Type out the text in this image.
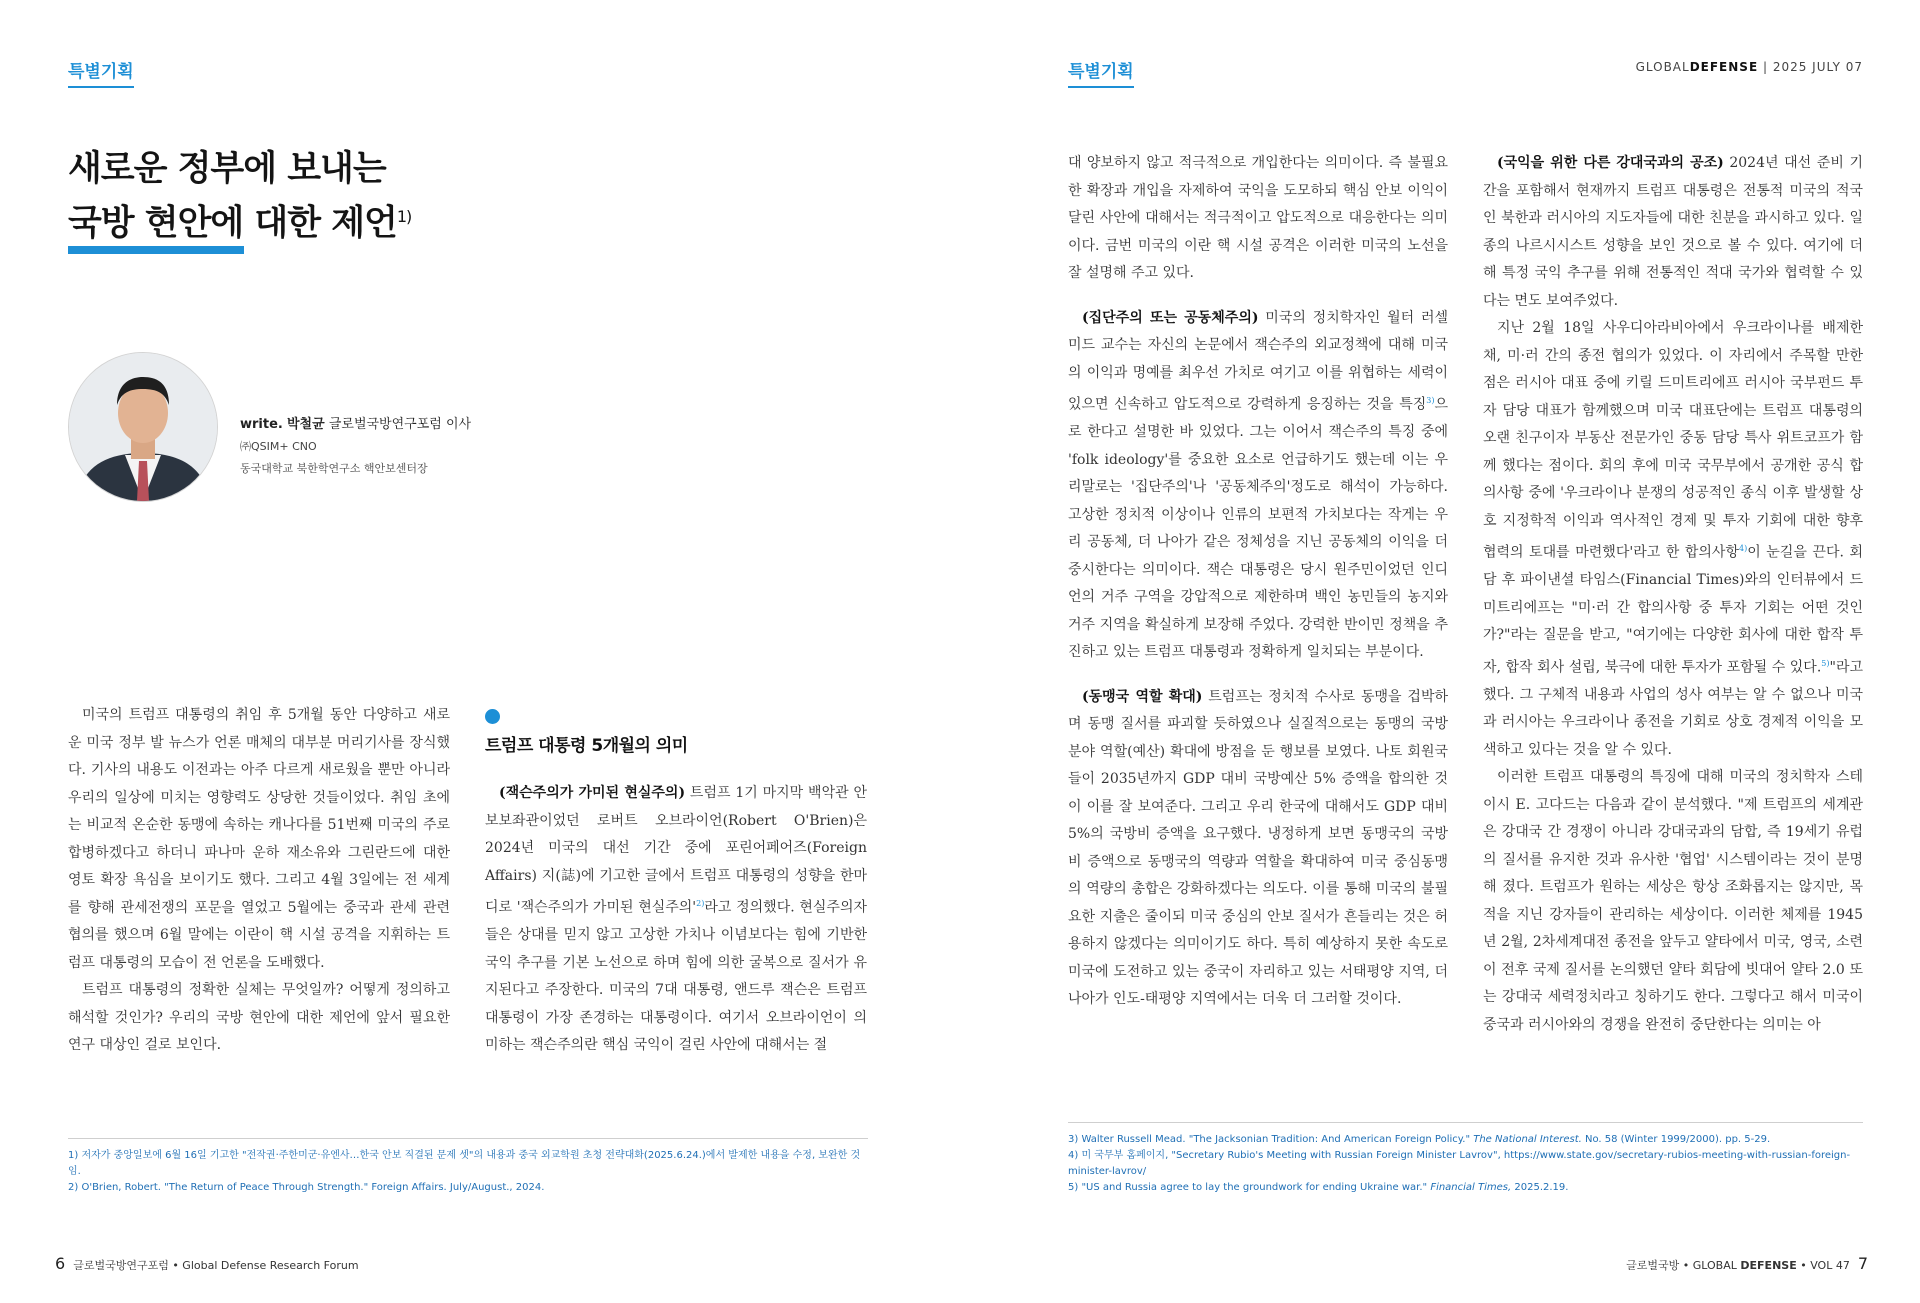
특별기획
새로운 정부에 보내는
국방 현안에 대한 제언$^{1)}$
write. 박철균 글로벌국방연구포럼 이사
㈜QSIM+ CNO
동국대학교 북한학연구소 핵안보센터장

미국의 트럼프 대통령의 취임 후 5개월 동안 다양하고 새로운 미국 정부 발 뉴스가 언론 매체의 대부분 머리기사를 장식했다. 기사의 내용도 이전과는 아주 다르게 새로웠을 뿐만 아니라 우리의 일상에 미치는 영향력도 상당한 것들이었다. 취임 초에는 비교적 온순한 동맹에 속하는 캐나다를 51번째 미국의 주로 합병하겠다고 하더니 파나마 운하 재소유와 그린란드에 대한 영토 확장 욕심을 보이기도 했다. 그리고 4월 3일에는 전 세계를 향해 관세전쟁의 포문을 열었고 5월에는 중국과 관세 관련 협의를 했으며 6월 말에는 이란이 핵 시설 공격을 지휘하는 트럼프 대통령의 모습이 전 언론을 도배했다.

트럼프 대통령의 정확한 실체는 무엇일까? 어떻게 정의하고 해석할 것인가? 우리의 국방 현안에 대한 제언에 앞서 필요한 연구 대상인 걸로 보인다.

트럼프 대통령 5개월의 의미

(잭슨주의가 가미된 현실주의) 트럼프 1기 마지막 백악관 안보보좌관이었던 로버트 오브라이언(Robert O'Brien)은 2024년 미국의 대선 기간 중에 포린어페어즈(Foreign Affairs) 지(誌)에 기고한 글에서 트럼프 대통령의 성향을 한마디로 '잭슨주의가 가미된 현실주의'$^{2)}$라고 정의했다. 현실주의자 들은 상대를 믿지 않고 고상한 가치나 이념보다는 힘에 기반한 국익 추구를 기본 노선으로 하며 힘에 의한 굴복으로 질서가 유지된다고 주장한다. 미국의 7대 대통령, 앤드루 잭슨은 트럼프 대통령이 가장 존경하는 대통령이다. 여기서 오브라이언이 의미하는 잭슨주의란 핵심 국익이 걸린 사안에 대해서는 절

1) 저자가 중앙일보에 6월 16일 기고한 "전작권·주한미군·유엔사…한국 안보 직결된 문제 셋"의 내용과 중국 외교학원 초청 전략대화(2025.6.24.)에서 발제한 내용을 수정, 보완한 것임.

2) O'Brien, Robert. "The Return of Peace Through Strength." Foreign Affairs. July/August., 2024.

6 글로벌국방연구포럼 • Global Defense Research Forum
특별기획	GLOBALDEFENSE | 2025 JULY 07

대 양보하지 않고 적극적으로 개입한다는 의미이다. 즉 불필요한 확장과 개입을 자제하여 국익을 도모하되 핵심 안보 이익이 달린 사안에 대해서는 적극적이고 압도적으로 대응한다는 의미이다. 금번 미국의 이란 핵 시설 공격은 이러한 미국의 노선을 잘 설명해 주고 있다.

(집단주의 또는 공동체주의) 미국의 정치학자인 월터 러셀 미드 교수는 자신의 논문에서 잭슨주의 외교정책에 대해 미국의 이익과 명예를 최우선 가치로 여기고 이를 위협하는 세력이 있으면 신속하고 압도적으로 강력하게 응징하는 것을 특징$^{3)}$으로 한다고 설명한 바 있었다. 그는 이어서 잭슨주의 특징 중에 'folk ideology'를 중요한 요소로 언급하기도 했는데 이는 우리말로는 '집단주의'나 '공동체주의'정도로 해석이 가능하다. 고상한 정치적 이상이나 인류의 보편적 가치보다는 작게는 우리 공동체, 더 나아가 같은 정체성을 지닌 공동체의 이익을 더 중시한다는 의미이다. 잭슨 대통령은 당시 원주민이었던 인디언의 거주 구역을 강압적으로 제한하며 백인 농민들의 농지와 거주 지역을 확실하게 보장해 주었다. 강력한 반이민 정책을 추진하고 있는 트럼프 대통령과 정확하게 일치되는 부분이다.

(동맹국 역할 확대) 트럼프는 정치적 수사로 동맹을 겁박하며 동맹 질서를 파괴할 듯하였으나 실질적으로는 동맹의 국방 분야 역할(예산) 확대에 방점을 둔 행보를 보였다. 나토 회원국들이 2035년까지 GDP 대비 국방예산 5% 증액을 합의한 것이 이를 잘 보여준다. 그리고 우리 한국에 대해서도 GDP 대비 5%의 국방비 증액을 요구했다. 냉정하게 보면 동맹국의 국방비 증액으로 동맹국의 역량과 역할을 확대하여 미국 중심동맹의 역량의 총합은 강화하겠다는 의도다. 이를 통해 미국의 불필요한 지출은 줄이되 미국 중심의 안보 질서가 흔들리는 것은 허용하지 않겠다는 의미이기도 하다. 특히 예상하지 못한 속도로 미국에 도전하고 있는 중국이 자리하고 있는 서태평양 지역, 더 나아가 인도-태평양 지역에서는 더욱 더 그러할 것이다.

(국익을 위한 다른 강대국과의 공조) 2024년 대선 준비 기간을 포함해서 현재까지 트럼프 대통령은 전통적 미국의 적국인 북한과 러시아의 지도자들에 대한 친분을 과시하고 있다. 일종의 나르시시스트 성향을 보인 것으로 볼 수 있다. 여기에 더해 특정 국익 추구를 위해 전통적인 적대 국가와 협력할 수 있다는 면도 보여주었다.

지난 2월 18일 사우디아라비아에서 우크라이나를 배제한 채, 미·러 간의 종전 협의가 있었다. 이 자리에서 주목할 만한 점은 러시아 대표 중에 키릴 드미트리에프 러시아 국부펀드 투자 담당 대표가 함께했으며 미국 대표단에는 트럼프 대통령의 오랜 친구이자 부동산 전문가인 중동 담당 특사 위트코프가 함께 했다는 점이다. 회의 후에 미국 국무부에서 공개한 공식 합의사항 중에 '우크라이나 분쟁의 성공적인 종식 이후 발생할 상호 지정학적 이익과 역사적인 경제 및 투자 기회에 대한 향후 협력의 토대를 마련했다'라고 한 합의사항$^{4)}$이 눈길을 끈다. 회담 후 파이낸셜 타임스(Financial Times)와의 인터뷰에서 드미트리에프는 "미·러 간 합의사항 중 투자 기회는 어떤 것인가?"라는 질문을 받고, "여기에는 다양한 회사에 대한 합작 투자, 합작 회사 설립, 북극에 대한 투자가 포함될 수 있다.$^{5)}$"라고 했다. 그 구체적 내용과 사업의 성사 여부는 알 수 없으나 미국과 러시아는 우크라이나 종전을 기회로 상호 경제적 이익을 모색하고 있다는 것을 알 수 있다.

이러한 트럼프 대통령의 특징에 대해 미국의 정치학자 스테이시 E. 고다드는 다음과 같이 분석했다. "제 트럼프의 세계관은 강대국 간 경쟁이 아니라 강대국과의 담합, 즉 19세기 유럽의 질서를 유지한 것과 유사한 '협업' 시스템이라는 것이 분명해 졌다. 트럼프가 원하는 세상은 항상 조화롭지는 않지만, 목적을 지닌 강자들이 관리하는 세상이다. 이러한 체제를 1945년 2월, 2차세계대전 종전을 앞두고 얄타에서 미국, 영국, 소련이 전후 국제 질서를 논의했던 얄타 회담에 빗대어 얄타 2.0 또는 강대국 세력정치라고 칭하기도 한다. 그렇다고 해서 미국이 중국과 러시아와의 경쟁을 완전히 중단한다는 의미는 아

3) Walter Russell Mead. "The Jacksonian Tradition: And American Foreign Policy." The National Interest. No. 58 (Winter 1999/2000). pp. 5-29.

4) 미 국무부 홈페이지, "Secretary Rubio's Meeting with Russian Foreign Minister Lavrov", https://www.state.gov/secretary-rubios-meeting-with-russian-foreign-minister-lavrov/

5) "US and Russia agree to lay the groundwork for ending Ukraine war." Financial Times, 2025.2.19.

글로벌국방 • GLOBAL DEFENSE • VOL 47 7
